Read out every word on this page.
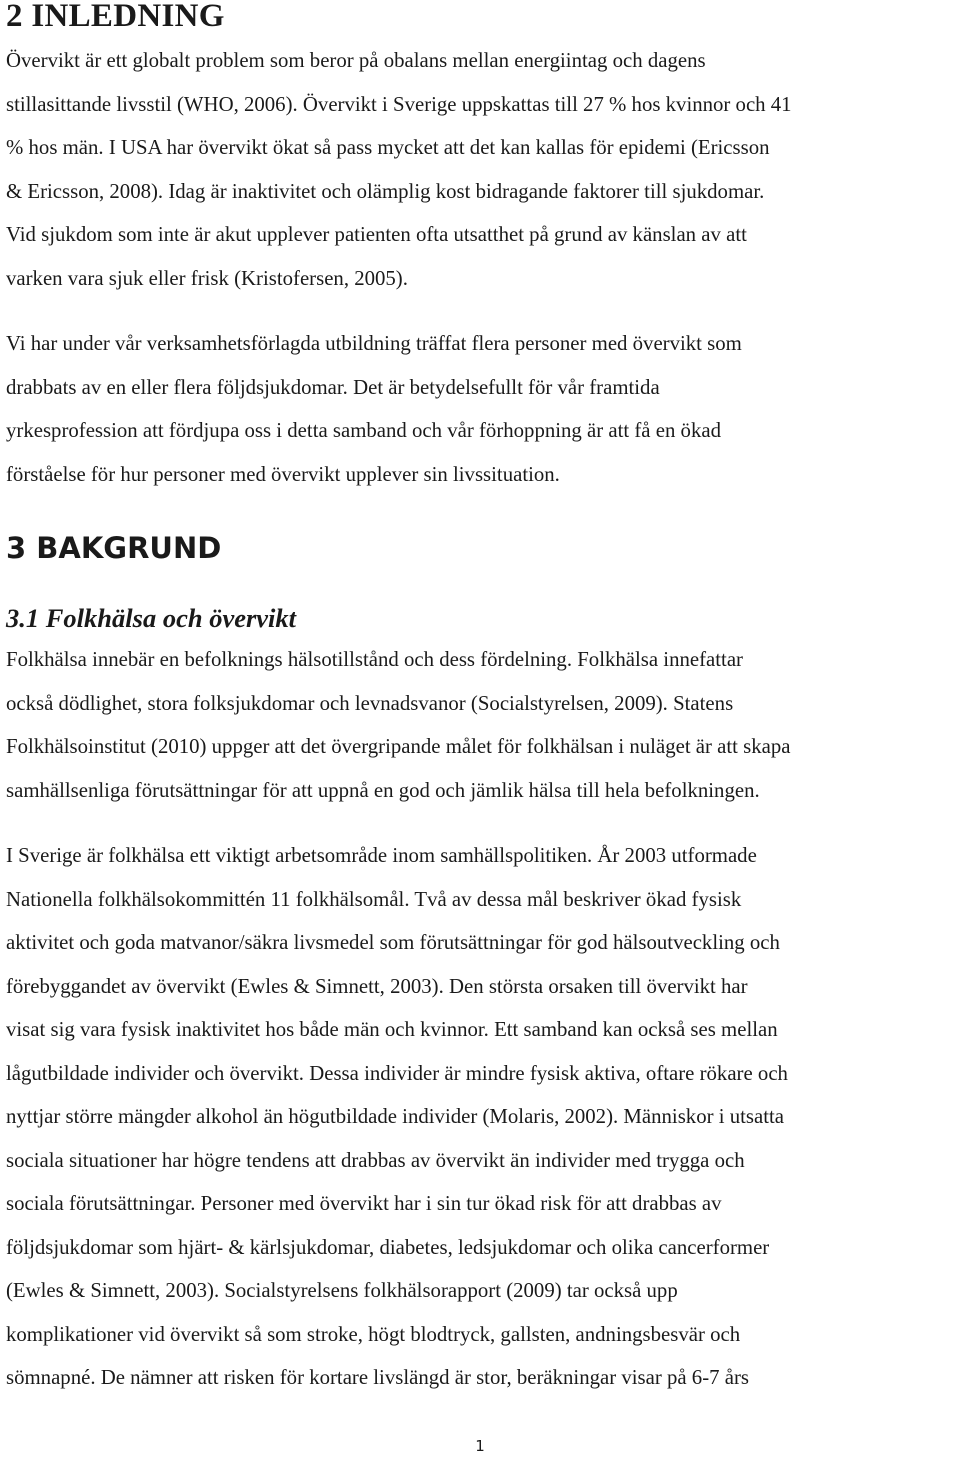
2 INLEDNING
Övervikt är ett globalt problem som beror på obalans mellan energiintag och dagens
stillasittande livsstil (WHO, 2006). Övervikt i Sverige uppskattas till 27 % hos kvinnor och 41
% hos män. I USA har övervikt ökat så pass mycket att det kan kallas för epidemi (Ericsson
& Ericsson, 2008). Idag är inaktivitet och olämplig kost bidragande faktorer till sjukdomar.
Vid sjukdom som inte är akut upplever patienten ofta utsatthet på grund av känslan av att
varken vara sjuk eller frisk (Kristofersen, 2005).
Vi har under vår verksamhetsförlagda utbildning träffat flera personer med övervikt som
drabbats av en eller flera följdsjukdomar. Det är betydelsefullt för vår framtida
yrkesprofession att fördjupa oss i detta samband och vår förhoppning är att få en ökad
förståelse för hur personer med övervikt upplever sin livssituation.
3 BAKGRUND
3.1 Folkhälsa och övervikt
Folkhälsa innebär en befolknings hälsotillstånd och dess fördelning. Folkhälsa innefattar
också dödlighet, stora folksjukdomar och levnadsvanor (Socialstyrelsen, 2009). Statens
Folkhälsoinstitut (2010) uppger att det övergripande målet för folkhälsan i nuläget är att skapa
samhällsenliga förutsättningar för att uppnå en god och jämlik hälsa till hela befolkningen.
I Sverige är folkhälsa ett viktigt arbetsområde inom samhällspolitiken. År 2003 utformade
Nationella folkhälsokommittén 11 folkhälsomål. Två av dessa mål beskriver ökad fysisk
aktivitet och goda matvanor/säkra livsmedel som förutsättningar för god hälsoutveckling och
förebyggandet av övervikt (Ewles & Simnett, 2003). Den största orsaken till övervikt har
visat sig vara fysisk inaktivitet hos både män och kvinnor. Ett samband kan också ses mellan
lågutbildade individer och övervikt. Dessa individer är mindre fysisk aktiva, oftare rökare och
nyttjar större mängder alkohol än högutbildade individer (Molaris, 2002). Människor i utsatta
sociala situationer har högre tendens att drabbas av övervikt än individer med trygga och
sociala förutsättningar. Personer med övervikt har i sin tur ökad risk för att drabbas av
följdsjukdomar som hjärt- & kärlsjukdomar, diabetes, ledsjukdomar och olika cancerformer
(Ewles & Simnett, 2003). Socialstyrelsens folkhälsorapport (2009) tar också upp
komplikationer vid övervikt så som stroke, högt blodtryck, gallsten, andningsbesvär och
sömnapné. De nämner att risken för kortare livslängd är stor, beräkningar visar på 6-7 års
1
